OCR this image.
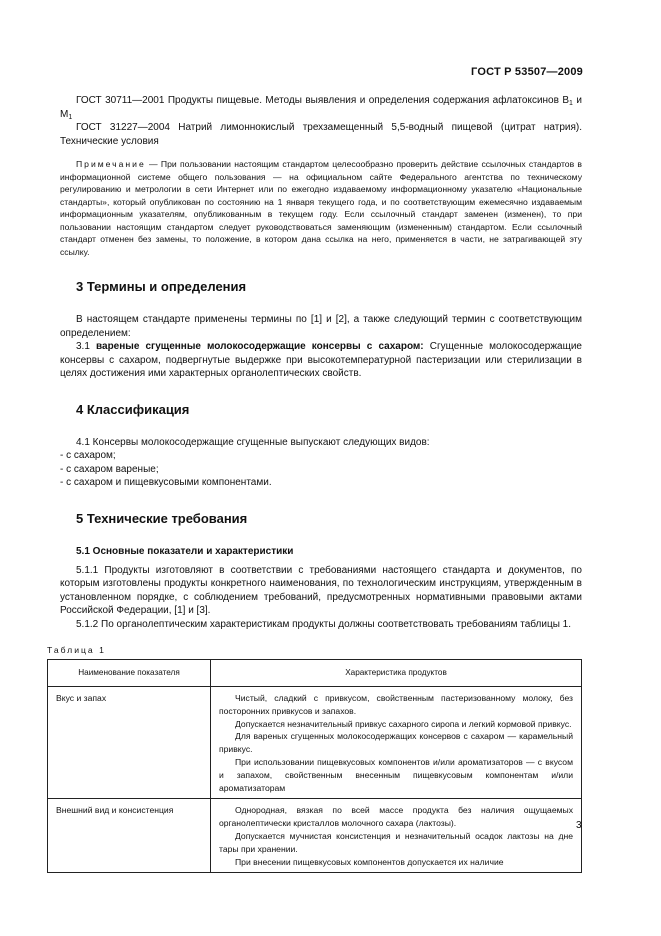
ГОСТ Р 53507—2009

ГОСТ 30711—2001 Продукты пищевые. Методы выявления и определения содержания афлатоксинов $B_1$ и $M_1$

ГОСТ 31227—2004 Натрий лимоннокислый трехзамещенный 5,5-водный пищевой (цитрат натрия). Технические условия

Примечание — При пользовании настоящим стандартом целесообразно проверить действие ссылочных стандартов в информационной системе общего пользования — на официальном сайте Федерального агентства по техническому регулированию и метрологии в сети Интернет или по ежегодно издаваемому информационному указателю «Национальные стандарты», который опубликован по состоянию на 1 января текущего года, и по соответствующим ежемесячно издаваемым информационным указателям, опубликованным в текущем году. Если ссылочный стандарт заменен (изменен), то при пользовании настоящим стандартом следует руководствоваться заменяющим (измененным) стандартом. Если ссылочный стандарт отменен без замены, то положение, в котором дана ссылка на него, применяется в части, не затрагивающей эту ссылку.

3 Термины и определения

В настоящем стандарте применены термины по [1] и [2], а также следующий термин с соответствующим определением:

3.1 вареные сгущенные молокосодержащие консервы с сахаром: Сгущенные молокосодержащие консервы с сахаром, подвергнутые выдержке при высокотемпературной пастеризации или стерилизации в целях достижения ими характерных органолептических свойств.

4 Классификация

4.1 Консервы молокосодержащие сгущенные выпускают следующих видов:

- с сахаром;
- с сахаром вареные;
- с сахаром и пищевкусовыми компонентами.
5 Технические требования
5.1 Основные показатели и характеристики

5.1.1 Продукты изготовляют в соответствии с требованиями настоящего стандарта и документов, по которым изготовлены продукты конкретного наименования, по технологическим инструкциям, утвержденным в установленном порядке, с соблюдением требований, предусмотренных нормативными правовыми актами Российской Федерации, [1] и [3].

5.1.2 По органолептическим характеристикам продукты должны соответствовать требованиям таблицы 1.

Таблица 1
Наименование показателя	Характеристика продуктов
Вкус и запах	Чистый, сладкий с привкусом, свойственным пастеризованному молоку, без посторонних привкусов и запахов.

Допускается незначительный привкус сахарного сиропа и легкий кормовой привкус.

Для вареных сгущенных молокосодержащих консервов с сахаром — карамельный привкус.

При использовании пищевкусовых компонентов и/или ароматизаторов — с вкусом и запахом, свойственным внесенным пищевкусовым компонентам и/или ароматизаторам

Внешний вид и консистенция	Однородная, вязкая по всей массе продукта без наличия ощущаемых органолептически кристаллов молочного сахара (лактозы).

Допускается мучнистая консистенция и незначительный осадок лактозы на дне тары при хранении.

При внесении пищевкусовых компонентов допускается их наличие

3
